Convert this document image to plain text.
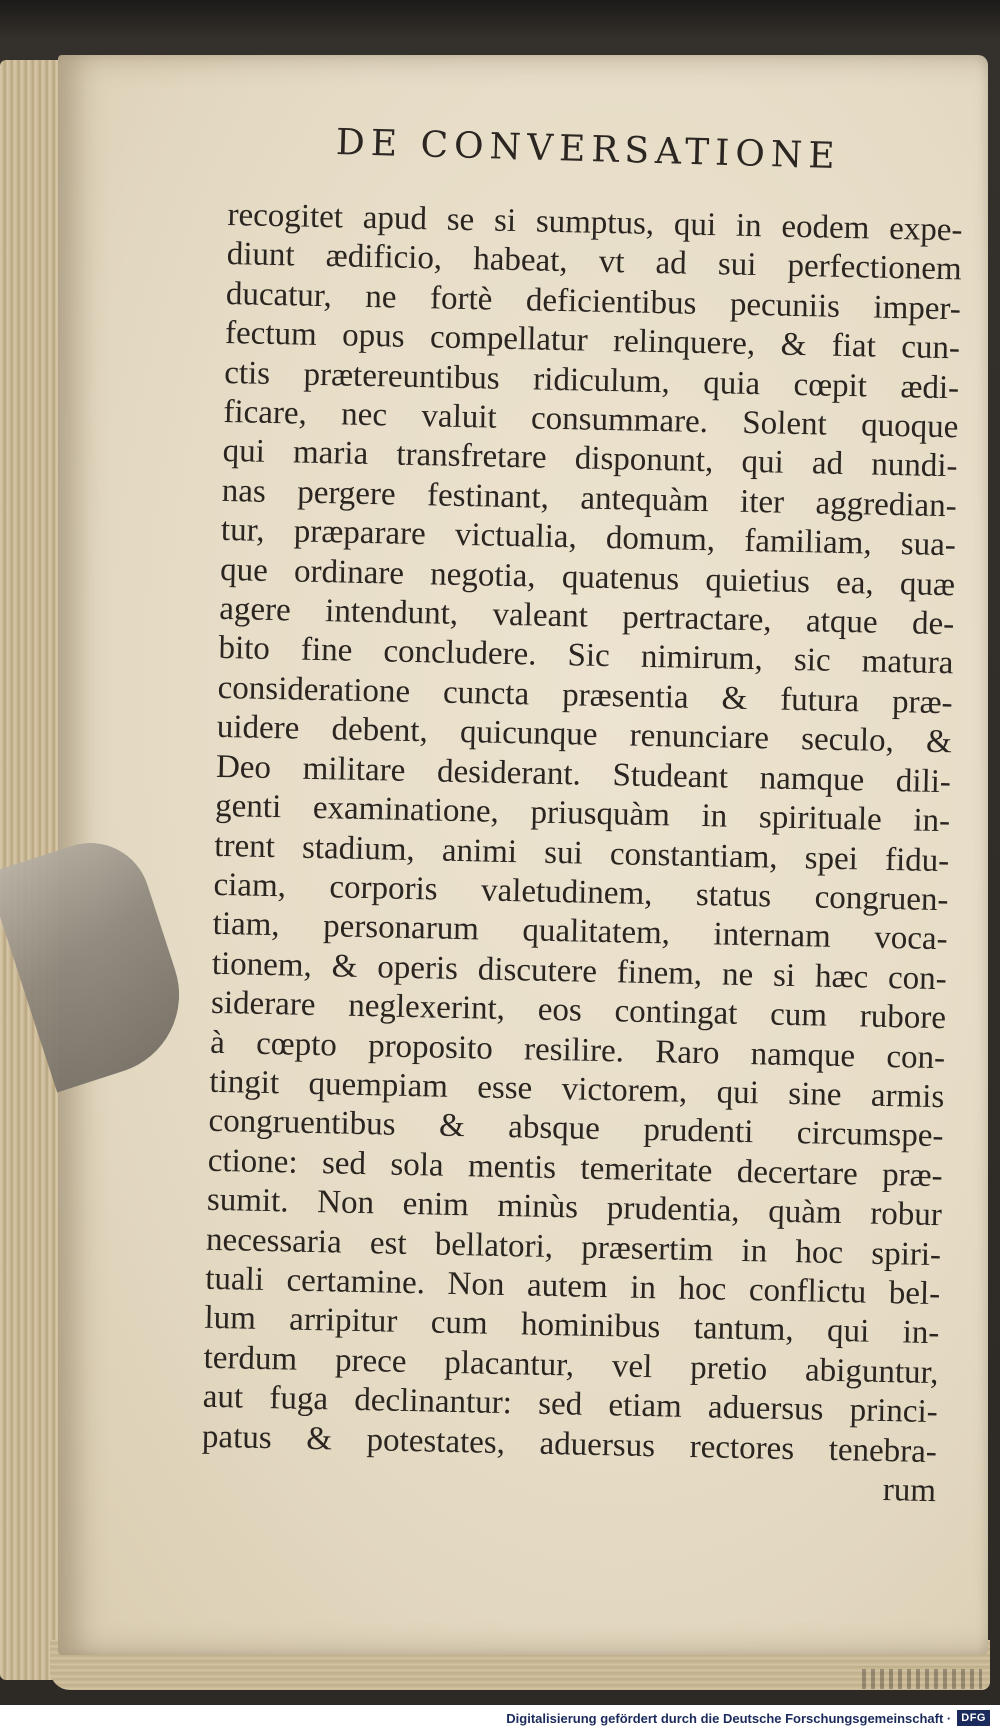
DE CONVERSATIONE
recogitet apud se si sumptus, qui in eodem expe-
diunt ædificio, habeat, vt ad sui perfectionem
ducatur, ne fortè deficientibus pecuniis imper-
fectum opus compellatur relinquere, & fiat cun-
ctis prætereuntibus ridiculum, quia cœpit ædi-
ficare, nec valuit consummare. Solent quoque
qui maria transfretare disponunt, qui ad nundi-
nas pergere festinant, antequàm iter aggredian-
tur, præparare victualia, domum, familiam, sua-
que ordinare negotia, quatenus quietius ea, quæ
agere intendunt, valeant pertractare, atque de-
bito fine concludere. Sic nimirum, sic matura
consideratione cuncta præsentia & futura præ-
uidere debent, quicunque renunciare seculo, &
Deo militare desiderant. Studeant namque dili-
genti examinatione, priusquàm in spirituale in-
trent stadium, animi sui constantiam, spei fidu-
ciam, corporis valetudinem, status congruen-
tiam, personarum qualitatem, internam voca-
tionem, & operis discutere finem, ne si hæc con-
siderare neglexerint, eos contingat cum rubore
à cœpto proposito resilire. Raro namque con-
tingit quempiam esse victorem, qui sine armis
congruentibus & absque prudenti circumspe-
ctione: sed sola mentis temeritate decertare præ-
sumit. Non enim minùs prudentia, quàm robur
necessaria est bellatori, præsertim in hoc spiri-
tuali certamine. Non autem in hoc conflictu bel-
lum arripitur cum hominibus tantum, qui in-
terdum prece placantur, vel pretio abiguntur,
aut fuga declinantur: sed etiam aduersus princi-
patus & potestates, aduersus rectores tenebra-
rum
Digitalisierung gefördert durch die Deutsche Forschungsgemeinschaft · DFG
